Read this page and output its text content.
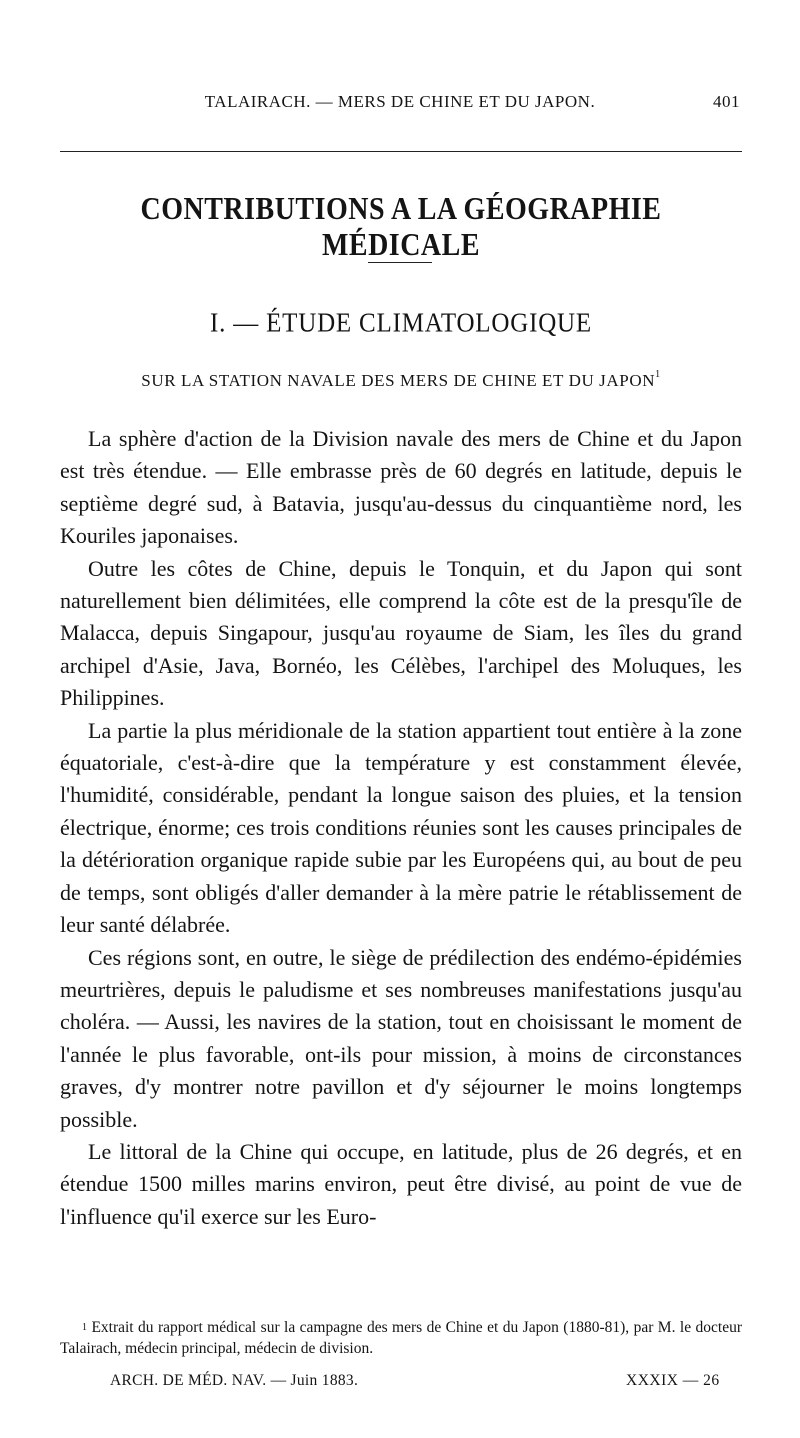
TALAIRACH. — MERS DE CHINE ET DU JAPON.	401
CONTRIBUTIONS A LA GÉOGRAPHIE MÉDICALE
I. — ÉTUDE CLIMATOLOGIQUE
SUR LA STATION NAVALE DES MERS DE CHINE ET DU JAPON$^1$

La sphère d'action de la Division navale des mers de Chine et du Japon est très étendue. — Elle embrasse près de 60 degrés en latitude, depuis le septième degré sud, à Batavia, jusqu'au-dessus du cinquantième nord, les Kouriles japonaises.

Outre les côtes de Chine, depuis le Tonquin, et du Japon qui sont naturellement bien délimitées, elle comprend la côte est de la presqu'île de Malacca, depuis Singapour, jusqu'au royaume de Siam, les îles du grand archipel d'Asie, Java, Bornéo, les Célèbes, l'archipel des Moluques, les Philippines.

La partie la plus méridionale de la station appartient tout entière à la zone équatoriale, c'est-à-dire que la température y est constamment élevée, l'humidité, considérable, pendant la longue saison des pluies, et la tension électrique, énorme; ces trois conditions réunies sont les causes principales de la détérioration organique rapide subie par les Européens qui, au bout de peu de temps, sont obligés d'aller demander à la mère patrie le rétablissement de leur santé délabrée.

Ces régions sont, en outre, le siège de prédilection des endémo-épidémies meurtrières, depuis le paludisme et ses nombreuses manifestations jusqu'au choléra. — Aussi, les navires de la station, tout en choisissant le moment de l'année le plus favorable, ont-ils pour mission, à moins de circonstances graves, d'y montrer notre pavillon et d'y séjourner le moins longtemps possible.

Le littoral de la Chine qui occupe, en latitude, plus de 26 degrés, et en étendue 1500 milles marins environ, peut être divisé, au point de vue de l'influence qu'il exerce sur les Euro-

$^1$ Extrait du rapport médical sur la campagne des mers de Chine et du Japon (1880-81), par M. le docteur Talairach, médecin principal, médecin de division.
ARCH. DE MÉD. NAV. — Juin 1883.	XXXIX — 26
